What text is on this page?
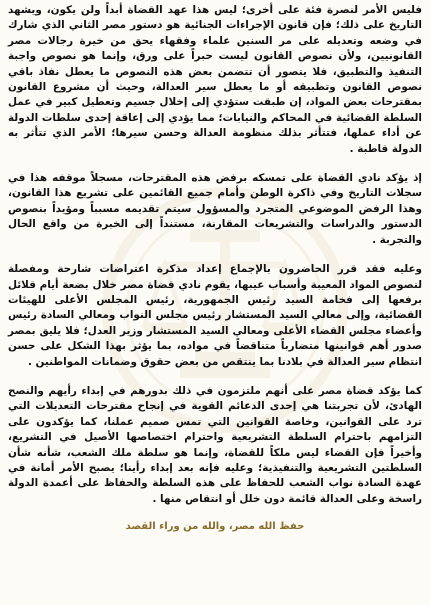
فليس الأمر لنصرة فئة على أخرى؛ ليس هذا عهد القضاة أبداً ولن يكون، ويشهد التاريخ على ذلك؛ فإن قانون الإجراءات الجنائية هو دستور مصر الثاني الذي شارك في وضعه وتعديله على مر السنين علماء وفقهاء يحق من خيرة رجالات مصر القانونيين، ولأن نصوص القانون ليست حبراً على ورق، وإنما هو نصوص واجبة التنفيذ والتطبيق، فلا يتصور أن تتضمن بعض هذه النصوص ما يعطل نفاذ باقي نصوص القانون وتطبيقه أو ما يعطل سير العدالة، وحيث أن مشروع القانون بمقترحات بعض المواد، إن طبقت ستؤدي إلى إخلال جسيم وتعطيل كبير في عمل السلطة القضائية في المحاكم والنيابات؛ مما يؤدي إلى إعاقة إحدى سلطات الدولة عن أداء عملها، فتتأثر بذلك منظومة العدالة وحسن سيرها؛ الأمر الذي تتأثر به الدولة قاطبة .

إذ يؤكد نادي القضاة على تمسكه برفض هذه المقترحات، مسجلاً موقفه هذا في سجلات التاريخ وفي ذاكرة الوطن وأمام جميع القائمين على تشريع هذا القانون، وهذا الرفض الموضوعي المتجرد والمسؤول سيتم تقديمه مسبباً ومؤيداً بنصوص الدستور والدراسات والتشريعات المقارنة، مستنداً إلى الخبرة من واقع الحال والتجربة .

وعليه فقد قرر الحاضرون بالإجماع إعداد مذكرة اعتراضات شارحة ومفصلة لنصوص المواد المعيبة وأسباب عيبها، يقوم نادي قضاة مصر خلال بضعة أيام قلائل برفعها إلى فخامة السيد رئيس الجمهورية، رئيس المجلس الأعلى للهيئات القضائية، وإلى معالي السيد المستشار رئيس مجلس النواب ومعالي السادة رئيس وأعضاء مجلس القضاء الأعلى ومعالي السيد المستشار وزير العدل؛ فلا يليق بمصر صدور أهم قوانينها متضارباً متناقضاً في مواده، بما يؤثر بهذا الشكل على حسن انتظام سير العدالة في بلادنا بما ينتقص من بعض حقوق وضمانات المواطنين .

كما يؤكد قضاة مصر على أنهم ملتزمون في ذلك بدورهم في إبداء رأيهم والنصح الهادئ، لأن تجربتنا هي إحدى الدعائم القوية في إنجاح مقترحات التعديلات التي ترد على القوانين، وخاصة القوانين التي تمس صميم عملنا، كما يؤكدون على التزامهم باحترام السلطة التشريعية واحترام اختصاصها الأصيل في التشريع، وأخيراً فإن القضاء ليس ملكاً للقضاة، وإنما هو سلطة ملك الشعب، شأنه شأن السلطتين التشريعية والتنفيذية؛ وعليه فإنه بعد إبداء رأينا؛ يصبح الأمر أمانة في عهدة السادة نواب الشعب للحفاظ على هذه السلطة والحفاظ على أعمدة الدولة راسخة وعلى العدالة قائمة دون خلل أو انتقاص منها .

حفظ الله مصر، والله من وراء القصد
